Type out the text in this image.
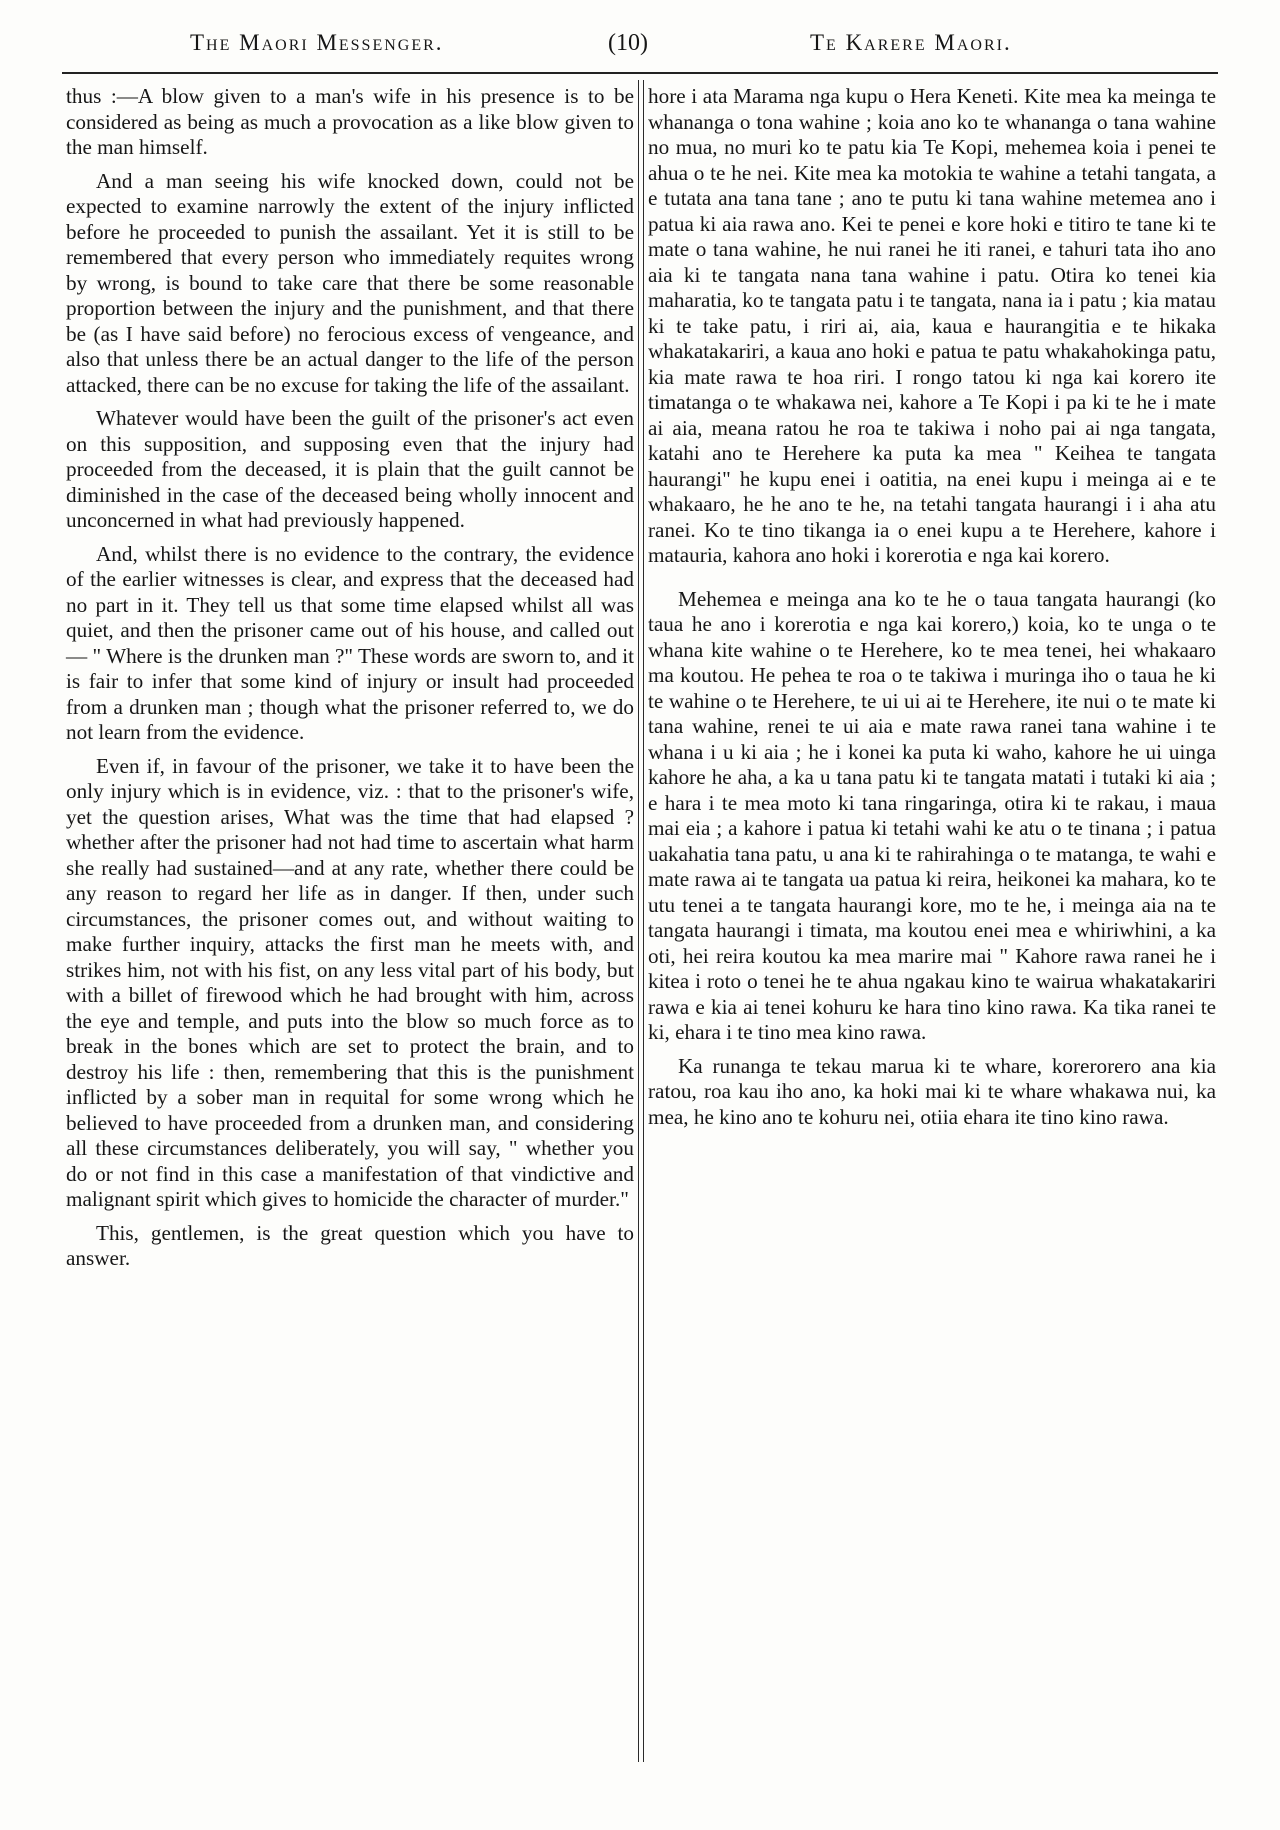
The Maori Messenger.	(10)	Te Karere Maori.

thus :—A blow given to a man's wife in his presence is to be considered as being as much a provocation as a like blow given to the man himself.

And a man seeing his wife knocked down, could not be expected to examine narrowly the extent of the injury inflicted before he proceeded to punish the assailant. Yet it is still to be remembered that every person who immediately requites wrong by wrong, is bound to take care that there be some reasonable proportion between the injury and the punishment, and that there be (as I have said before) no ferocious excess of vengeance, and also that unless there be an actual danger to the life of the person attacked, there can be no excuse for taking the life of the assailant.

Whatever would have been the guilt of the prisoner's act even on this supposition, and supposing even that the injury had proceeded from the deceased, it is plain that the guilt cannot be diminished in the case of the deceased being wholly innocent and unconcerned in what had previously happened.

And, whilst there is no evidence to the contrary, the evidence of the earlier witnesses is clear, and express that the deceased had no part in it. They tell us that some time elapsed whilst all was quiet, and then the prisoner came out of his house, and called out — " Where is the drunken man ?" These words are sworn to, and it is fair to infer that some kind of injury or insult had proceeded from a drunken man ; though what the prisoner referred to, we do not learn from the evidence.

Even if, in favour of the prisoner, we take it to have been the only injury which is in evidence, viz. : that to the prisoner's wife, yet the question arises, What was the time that had elapsed ? whether after the prisoner had not had time to ascertain what harm she really had sustained—and at any rate, whether there could be any reason to regard her life as in danger. If then, under such circumstances, the prisoner comes out, and without waiting to make further inquiry, attacks the first man he meets with, and strikes him, not with his fist, on any less vital part of his body, but with a billet of firewood which he had brought with him, across the eye and temple, and puts into the blow so much force as to break in the bones which are set to protect the brain, and to destroy his life : then, remembering that this is the punishment inflicted by a sober man in requital for some wrong which he believed to have proceeded from a drunken man, and considering all these circumstances deliberately, you will say, " whether you do or not find in this case a manifestation of that vindictive and malignant spirit which gives to homicide the character of murder."

This, gentlemen, is the great question which you have to answer.

hore i ata Marama nga kupu o Hera Keneti. Kite mea ka meinga te whananga o tona wahine ; koia ano ko te whananga o tana wahine no mua, no muri ko te patu kia Te Kopi, mehemea koia i penei te ahua o te he nei. Kite mea ka motokia te wahine a tetahi tangata, a e tutata ana tana tane ; ano te putu ki tana wahine metemea ano i patua ki aia rawa ano. Kei te penei e kore hoki e titiro te tane ki te mate o tana wahine, he nui ranei he iti ranei, e tahuri tata iho ano aia ki te tangata nana tana wahine i patu. Otira ko tenei kia maharatia, ko te tangata patu i te tangata, nana ia i patu ; kia matau ki te take patu, i riri ai, aia, kaua e haurangitia e te hikaka whakatakariri, a kaua ano hoki e patua te patu whakahokinga patu, kia mate rawa te hoa riri. I rongo tatou ki nga kai korero ite timatanga o te whakawa nei, kahore a Te Kopi i pa ki te he i mate ai aia, meana ratou he roa te takiwa i noho pai ai nga tangata, katahi ano te Herehere ka puta ka mea " Keihea te tangata haurangi" he kupu enei i oatitia, na enei kupu i meinga ai e te whakaaro, he he ano te he, na tetahi tangata haurangi i i aha atu ranei. Ko te tino tikanga ia o enei kupu a te Herehere, kahore i matauria, kahora ano hoki i korerotia e nga kai korero.

Mehemea e meinga ana ko te he o taua tangata haurangi (ko taua he ano i korerotia e nga kai korero,) koia, ko te unga o te whana kite wahine o te Herehere, ko te mea tenei, hei whakaaro ma koutou. He pehea te roa o te takiwa i muringa iho o taua he ki te wahine o te Herehere, te ui ui ai te Herehere, ite nui o te mate ki tana wahine, renei te ui aia e mate rawa ranei tana wahine i te whana i u ki aia ; he i konei ka puta ki waho, kahore he ui uinga kahore he aha, a ka u tana patu ki te tangata matati i tutaki ki aia ; e hara i te mea moto ki tana ringaringa, otira ki te rakau, i maua mai eia ; a kahore i patua ki tetahi wahi ke atu o te tinana ; i patua uakahatia tana patu, u ana ki te rahirahinga o te matanga, te wahi e mate rawa ai te tangata ua patua ki reira, heikonei ka mahara, ko te utu tenei a te tangata haurangi kore, mo te he, i meinga aia na te tangata haurangi i timata, ma koutou enei mea e whiriwhini, a ka oti, hei reira koutou ka mea marire mai " Kahore rawa ranei he i kitea i roto o tenei he te ahua ngakau kino te wairua whakatakariri rawa e kia ai tenei kohuru ke hara tino kino rawa. Ka tika ranei te ki, ehara i te tino mea kino rawa.

Ka runanga te tekau marua ki te whare, korerorero ana kia ratou, roa kau iho ano, ka hoki mai ki te whare whakawa nui, ka mea, he kino ano te kohuru nei, otiia ehara ite tino kino rawa.
